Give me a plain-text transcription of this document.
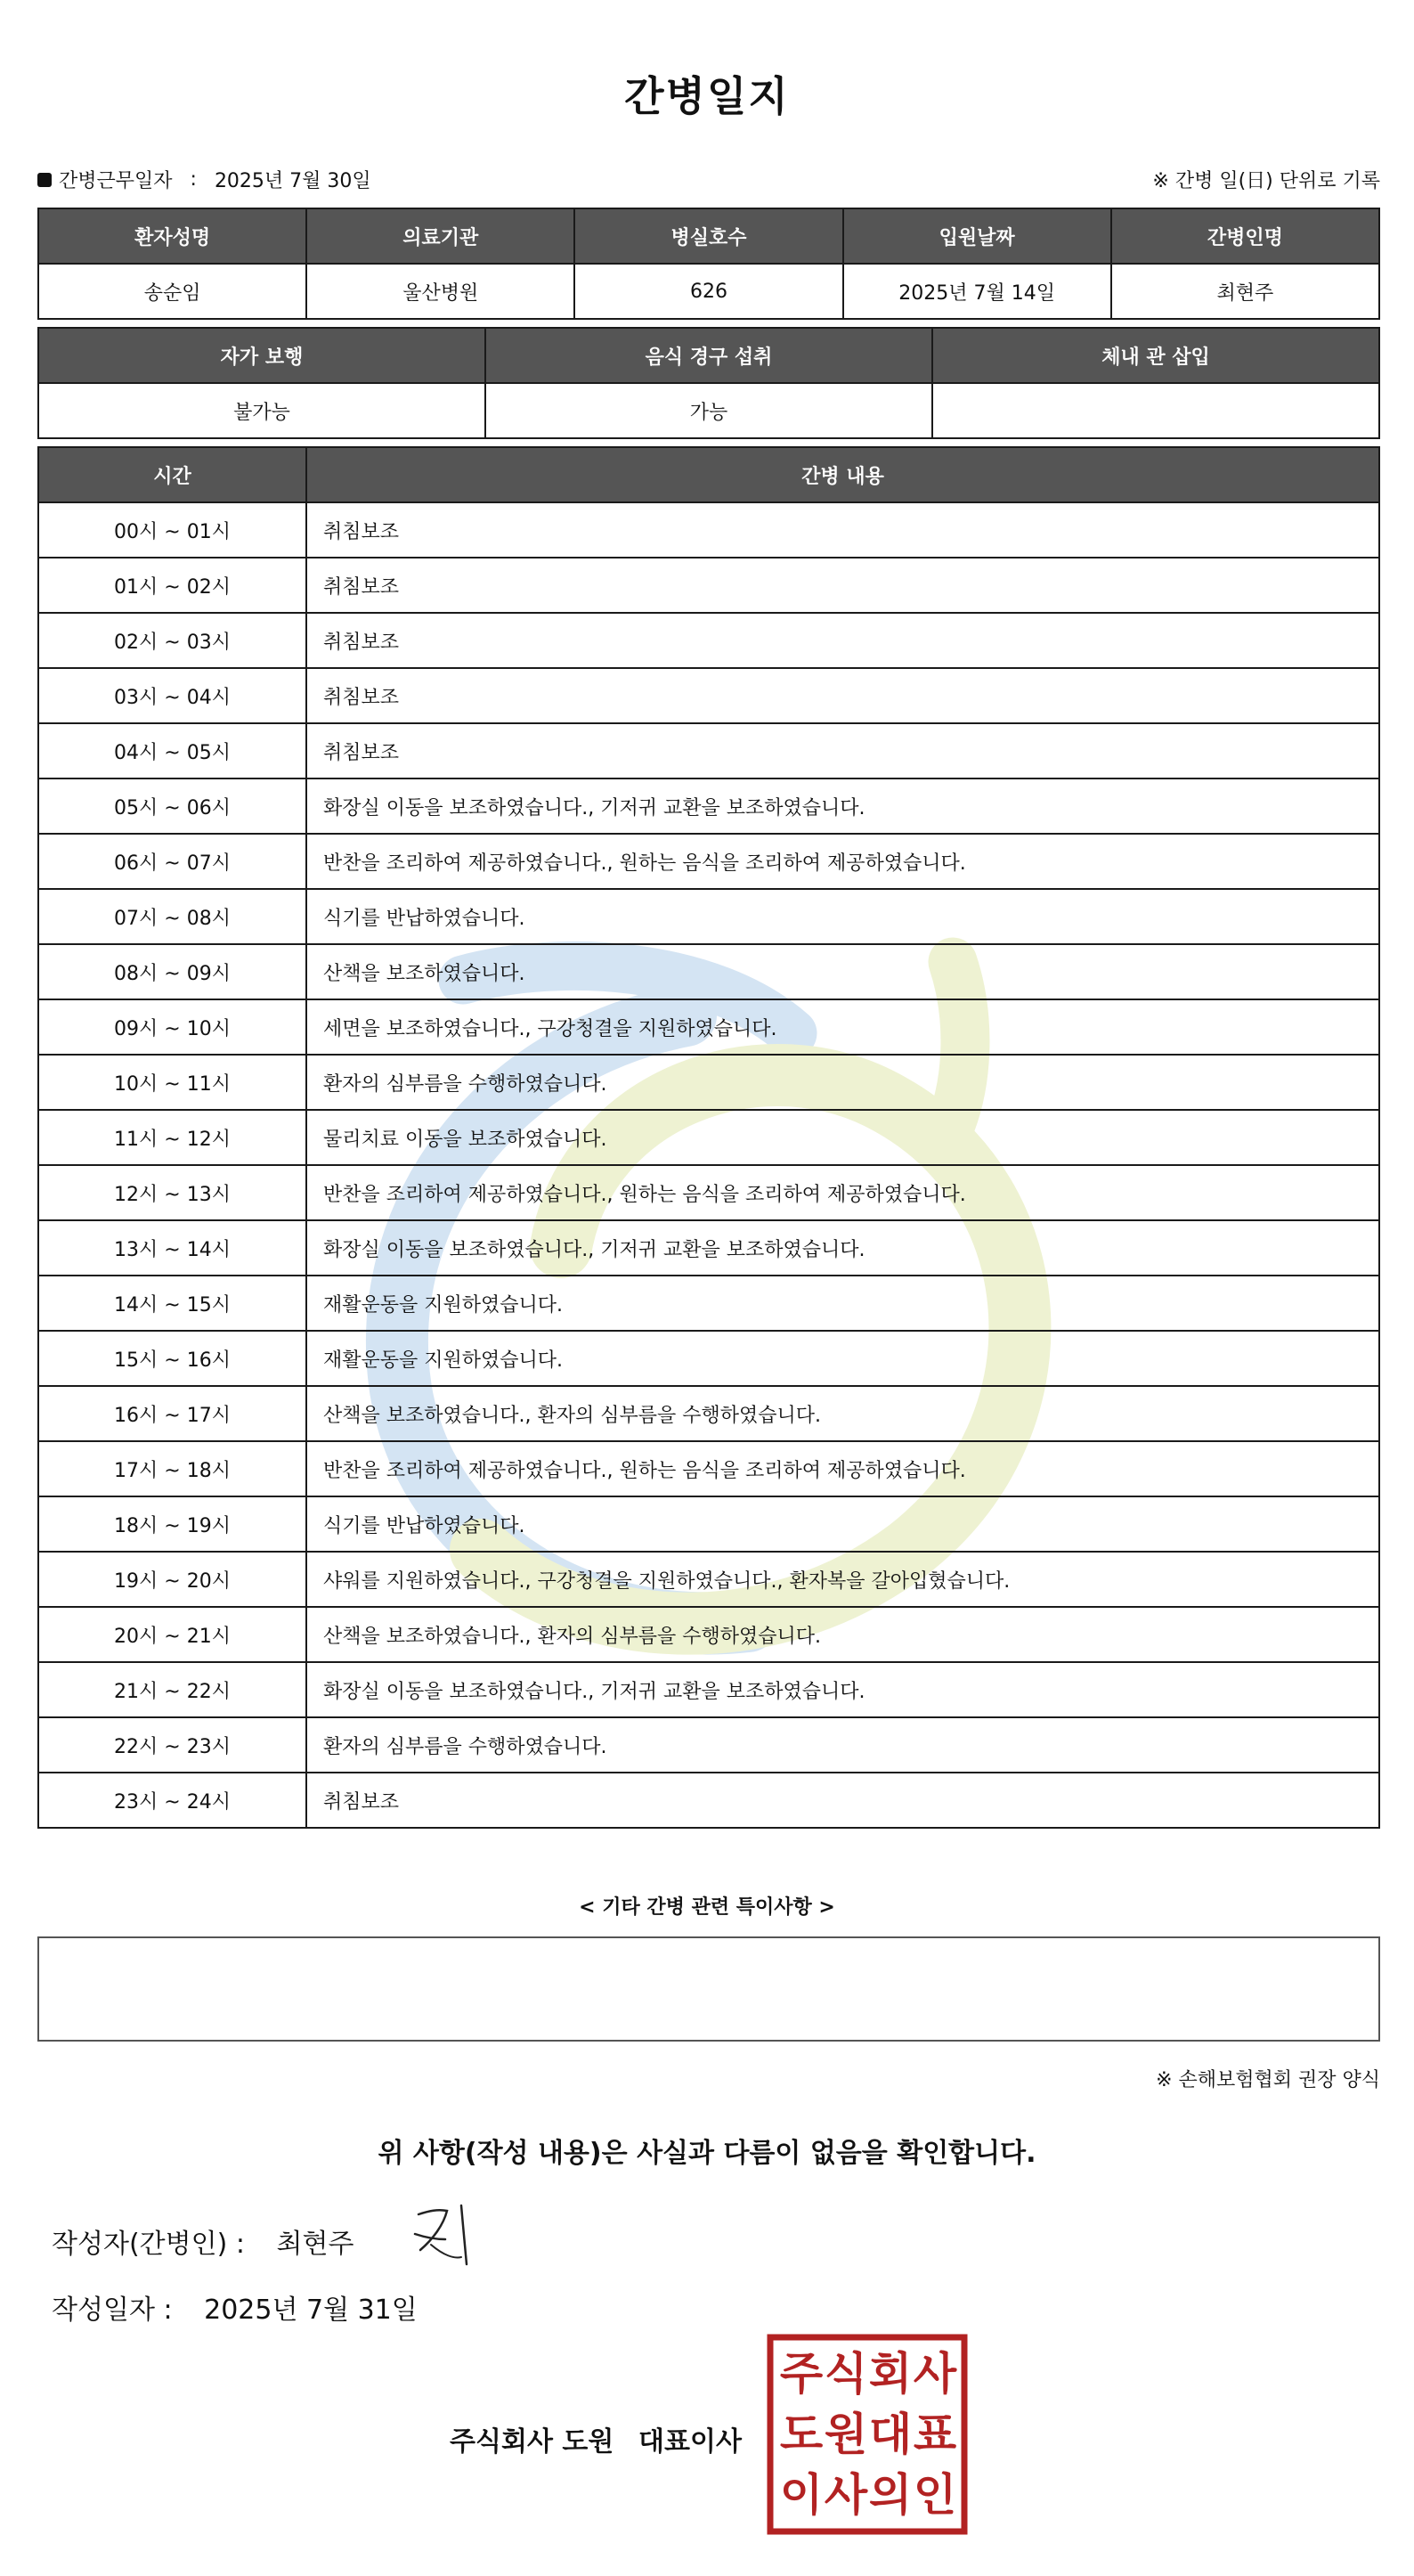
간병일지
간병근무일자 : 2025년 7월 30일	※ 간병 일(日) 단위로 기록
환자성명	의료기관	병실호수	입원날짜	간병인명
송순임	울산병원	626	2025년 7월 14일	최현주
자가 보행	음식 경구 섭취	체내 관 삽입
불가능	가능	
시간	간병 내용
00시 ~ 01시	취침보조
01시 ~ 02시	취침보조
02시 ~ 03시	취침보조
03시 ~ 04시	취침보조
04시 ~ 05시	취침보조
05시 ~ 06시	화장실 이동을 보조하였습니다., 기저귀 교환을 보조하였습니다.
06시 ~ 07시	반찬을 조리하여 제공하였습니다., 원하는 음식을 조리하여 제공하였습니다.
07시 ~ 08시	식기를 반납하였습니다.
08시 ~ 09시	산책을 보조하였습니다.
09시 ~ 10시	세면을 보조하였습니다., 구강청결을 지원하였습니다.
10시 ~ 11시	환자의 심부름을 수행하였습니다.
11시 ~ 12시	물리치료 이동을 보조하였습니다.
12시 ~ 13시	반찬을 조리하여 제공하였습니다., 원하는 음식을 조리하여 제공하였습니다.
13시 ~ 14시	화장실 이동을 보조하였습니다., 기저귀 교환을 보조하였습니다.
14시 ~ 15시	재활운동을 지원하였습니다.
15시 ~ 16시	재활운동을 지원하였습니다.
16시 ~ 17시	산책을 보조하였습니다., 환자의 심부름을 수행하였습니다.
17시 ~ 18시	반찬을 조리하여 제공하였습니다., 원하는 음식을 조리하여 제공하였습니다.
18시 ~ 19시	식기를 반납하였습니다.
19시 ~ 20시	샤워를 지원하였습니다., 구강청결을 지원하였습니다., 환자복을 갈아입혔습니다.
20시 ~ 21시	산책을 보조하였습니다., 환자의 심부름을 수행하였습니다.
21시 ~ 22시	화장실 이동을 보조하였습니다., 기저귀 교환을 보조하였습니다.
22시 ~ 23시	환자의 심부름을 수행하였습니다.
23시 ~ 24시	취침보조
< 기타 간병 관련 특이사항 >
※ 손해보험협회 권장 양식
위 사항(작성 내용)은 사실과 다름이 없음을 확인합니다.
작성자(간병인) : 최현주
작성일자 : 2025년 7월 31일
주식회사 도원 대표이사
주 식 회 사
도 원 대 표
이 사 의 인
